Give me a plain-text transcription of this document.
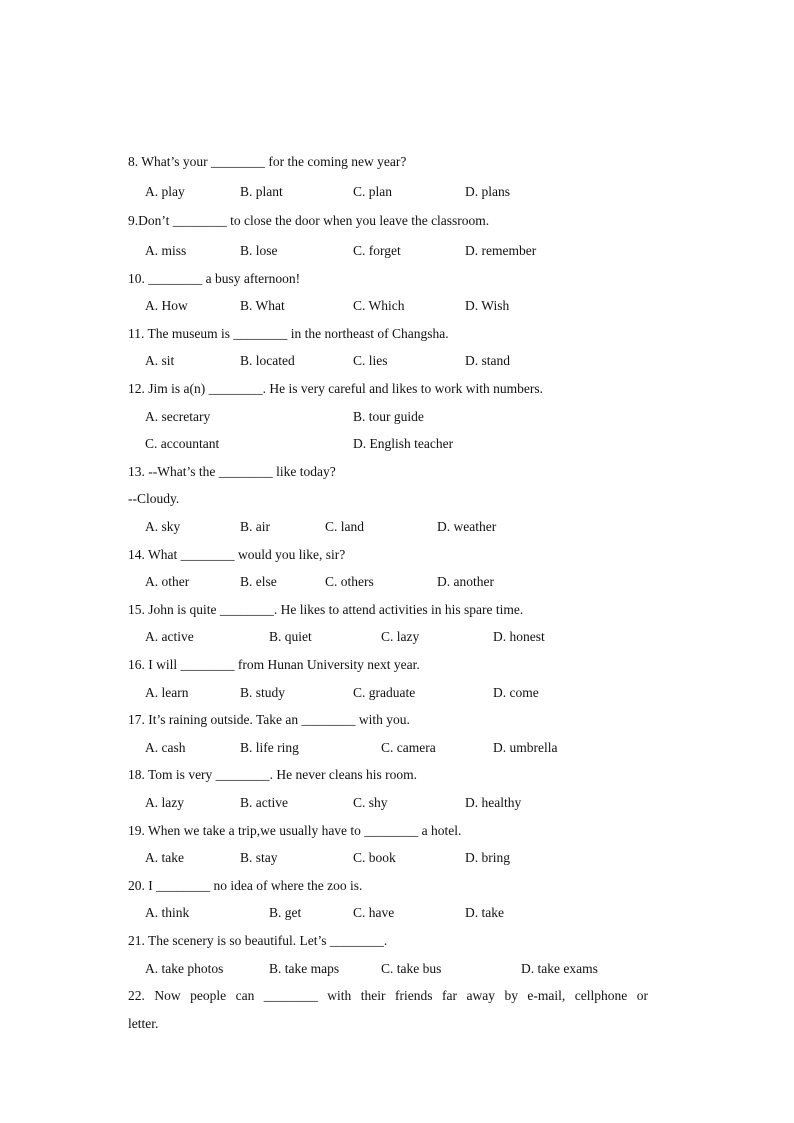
8. What’s your ________ for the coming new year?
A. play	B. plant	C. plan	D. plans
9.Don’t ________ to close the door when you leave the classroom.
A. miss	B. lose	C. forget	D. remember
10. ________ a busy afternoon!
A. How	B. What	C. Which	D. Wish
11. The museum is ________ in the northeast of Changsha.
A. sit	B. located	C. lies	D. stand
12. Jim is a(n) ________. He is very careful and likes to work with numbers.
A. secretary	B. tour guide
C. accountant	D. English teacher
13. --What’s the ________ like today?
--Cloudy.
A. sky	B. air	C. land	D. weather
14. What ________ would you like, sir?
A. other	B. else	C. others	D. another
15. John is quite ________. He likes to attend activities in his spare time.
A. active	B. quiet	C. lazy	D. honest
16. I will ________ from Hunan University next year.
A. learn	B. study	C. graduate	D. come
17. It’s raining outside. Take an ________ with you.
A. cash	B. life ring	C. camera	D. umbrella
18. Tom is very ________. He never cleans his room.
A. lazy	B. active	C. shy	D. healthy
19. When we take a trip,we usually have to ________ a hotel.
A. take	B. stay	C. book	D. bring
20. I ________ no idea of where the zoo is.
A. think	B. get	C. have	D. take
21. The scenery is so beautiful. Let’s ________.
A. take photos	B. take maps	C. take bus	D. take exams
22. Now people can ________ with their friends far away by e-mail, cellphone or
letter.
